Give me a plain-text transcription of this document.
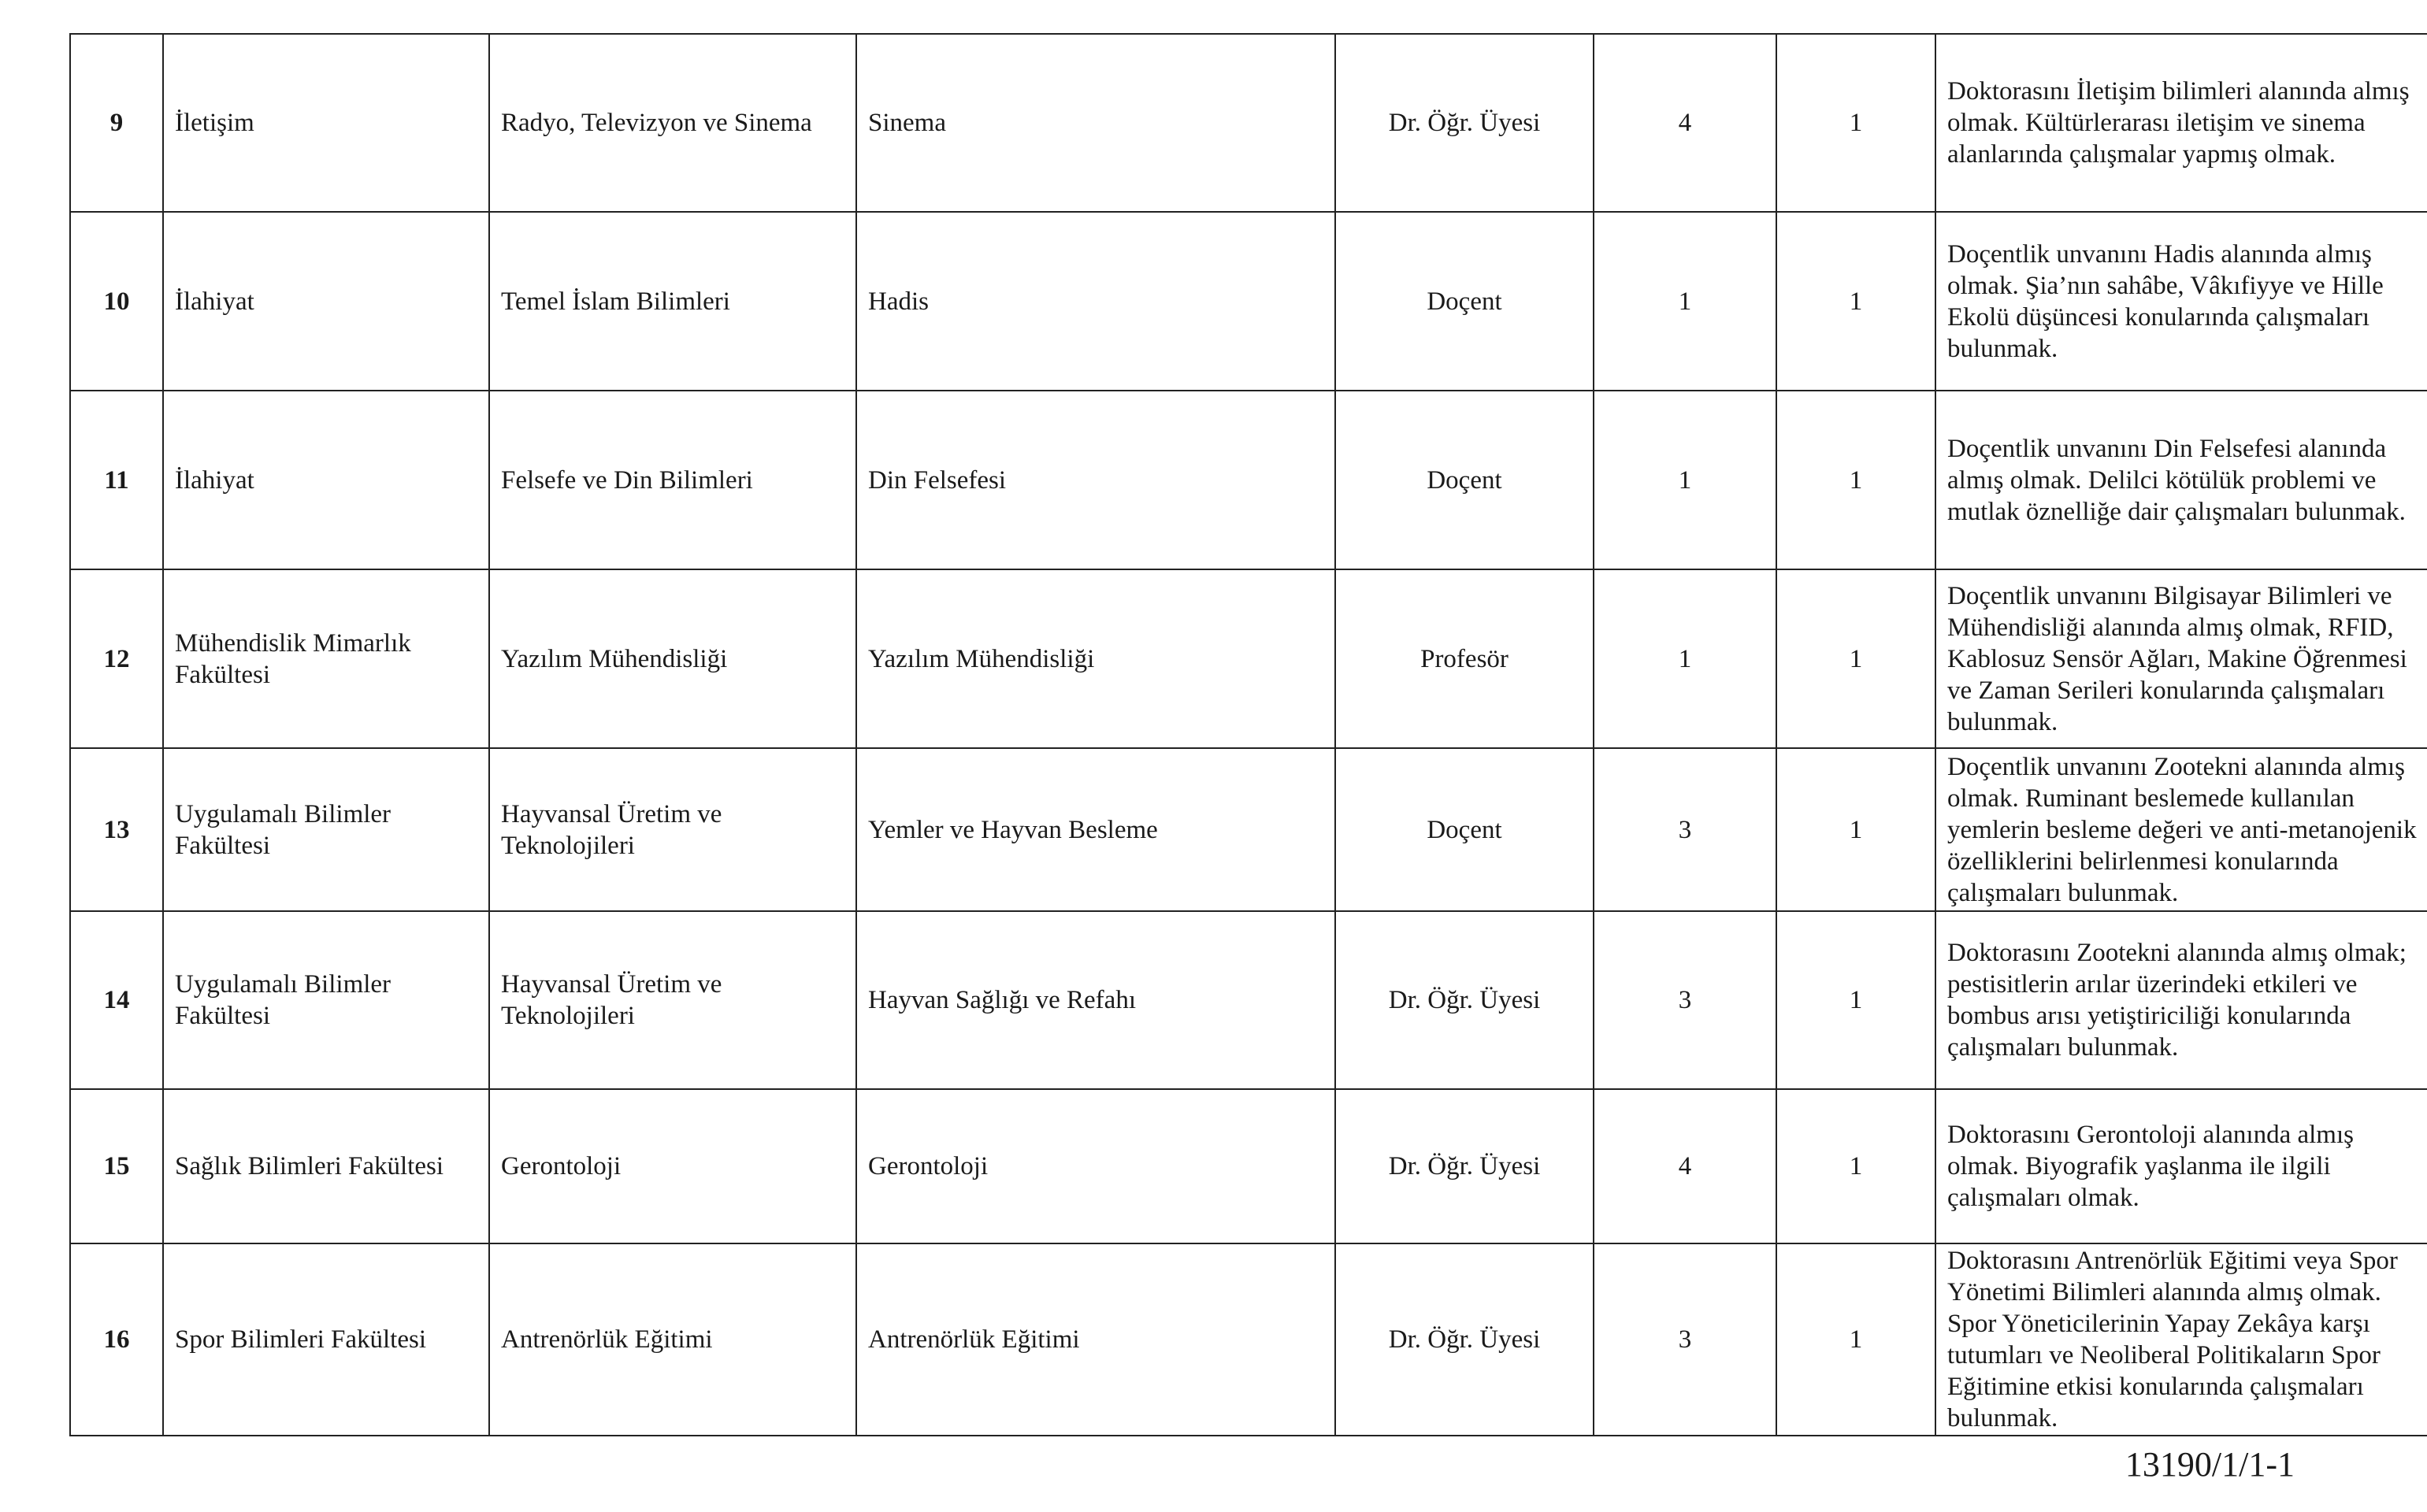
9	İletişim	Radyo, Televizyon ve Sinema	Sinema	Dr. Öğr. Üyesi	4	1	Doktorasını İletişim bilimleri alanında almış olmak. Kültürlerarası iletişim ve sinema alanlarında çalışmalar yapmış olmak.
10	İlahiyat	Temel İslam Bilimleri	Hadis	Doçent	1	1	Doçentlik unvanını Hadis alanında almış olmak. Şia’nın sahâbe, Vâkıfiyye ve Hille Ekolü düşüncesi konularında çalışmaları bulunmak.
11	İlahiyat	Felsefe ve Din Bilimleri	Din Felsefesi	Doçent	1	1	Doçentlik unvanını Din Felsefesi alanında almış olmak. Delilci kötülük problemi ve mutlak öznelliğe dair çalışmaları bulunmak.
12	Mühendislik Mimarlık Fakültesi	Yazılım Mühendisliği	Yazılım Mühendisliği	Profesör	1	1	Doçentlik unvanını Bilgisayar Bilimleri ve Mühendisliği alanında almış olmak, RFID, Kablosuz Sensör Ağları, Makine Öğrenmesi ve Zaman Serileri konularında çalışmaları bulunmak.
13	Uygulamalı Bilimler Fakültesi	Hayvansal Üretim ve Teknolojileri	Yemler ve Hayvan Besleme	Doçent	3	1	Doçentlik unvanını Zootekni alanında almış olmak. Ruminant beslemede kullanılan yemlerin besleme değeri ve anti-metanojenik özelliklerini belirlenmesi konularında çalışmaları bulunmak.
14	Uygulamalı Bilimler Fakültesi	Hayvansal Üretim ve Teknolojileri	Hayvan Sağlığı ve Refahı	Dr. Öğr. Üyesi	3	1	Doktorasını Zootekni alanında almış olmak; pestisitlerin arılar üzerindeki etkileri ve bombus arısı yetiştiriciliği konularında çalışmaları bulunmak.
15	Sağlık Bilimleri Fakültesi	Gerontoloji	Gerontoloji	Dr. Öğr. Üyesi	4	1	Doktorasını Gerontoloji alanında almış olmak. Biyografik yaşlanma ile ilgili çalışmaları olmak.
16	Spor Bilimleri Fakültesi	Antrenörlük Eğitimi	Antrenörlük Eğitimi	Dr. Öğr. Üyesi	3	1	Doktorasını Antrenörlük Eğitimi veya Spor Yönetimi Bilimleri alanında almış olmak. Spor Yöneticilerinin Yapay Zekâya karşı tutumları ve Neoliberal Politikaların Spor Eğitimine etkisi konularında çalışmaları bulunmak.
13190/1/1-1
